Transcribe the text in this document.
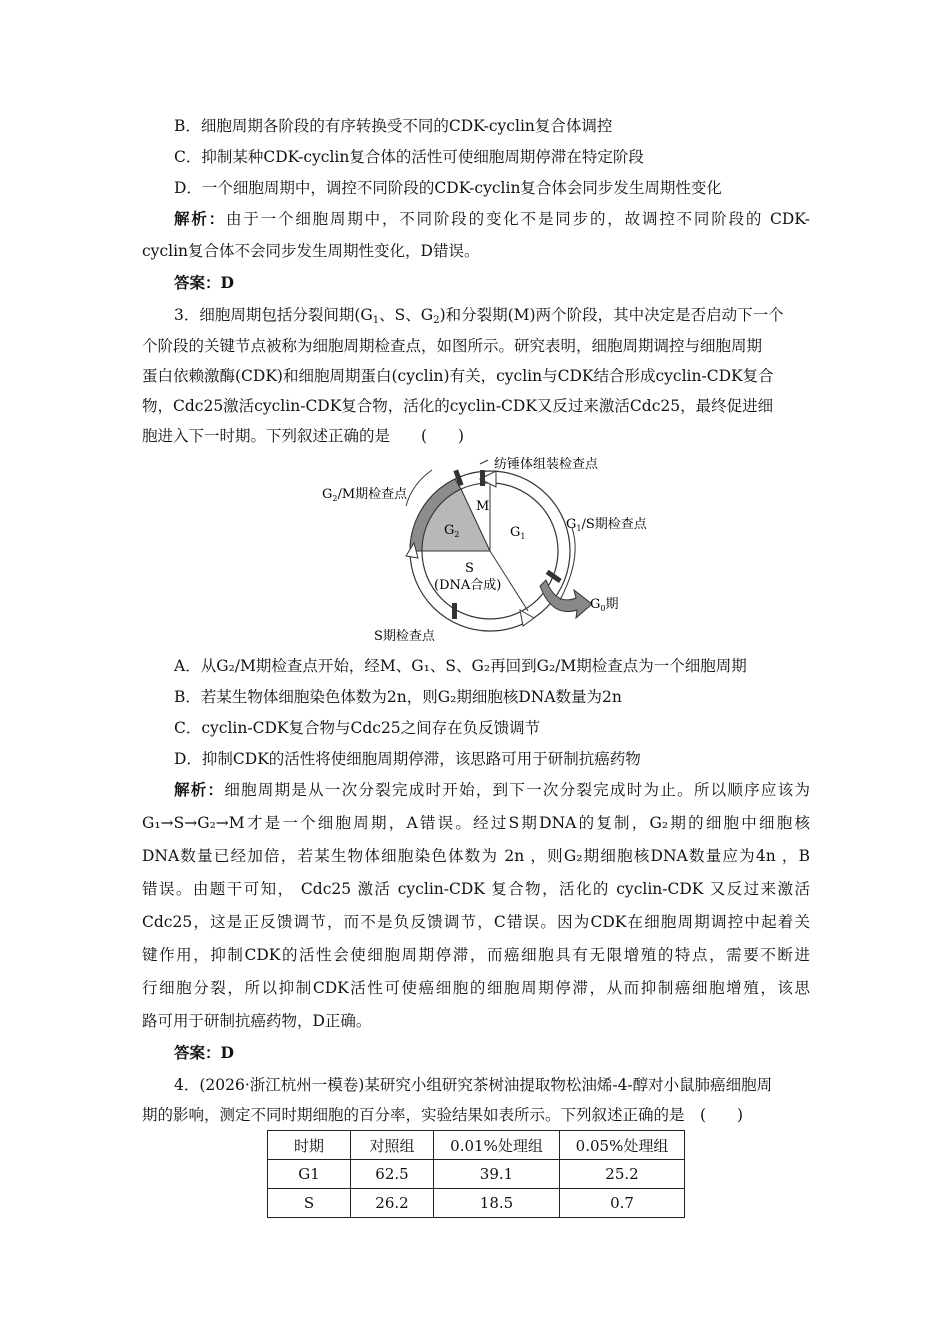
B．细胞周期各阶段的有序转换受不同的CDK-cyclin复合体调控
C．抑制某种CDK-cyclin复合体的活性可使细胞周期停滞在特定阶段
D．一个细胞周期中，调控不同阶段的CDK-cyclin复合体会同步发生周期性变化
解析：由于一个细胞周期中，不同阶段的变化不是同步的，故调控不同阶段的 CDK-
cyclin复合体不会同步发生周期性变化，D错误。
答案：D
3．细胞周期包括分裂间期($G_1$、S、$G_2$)和分裂期(M)两个阶段，其中决定是否启动下一个
个阶段的关键节点被称为细胞周期检查点，如图所示。研究表明，细胞周期调控与细胞周期
蛋白依赖激酶(CDK)和细胞周期蛋白(cyclin)有关，cyclin与CDK结合形成cyclin-CDK复合
物，Cdc25激活cyclin-CDK复合物，活化的cyclin-CDK又反过来激活Cdc25，最终促进细
胞进入下一时期。下列叙述正确的是　　(　　)
纺锤体组装检查点
$G_2/M$期检查点
$G_1/S$期检查点
M
$G_1$
$G_2$
S
(DNA合成)
$G_0$期
S期检查点
A．从G₂/M期检查点开始，经M、G₁、S、G₂再回到G₂/M期检查点为一个细胞周期
B．若某生物体细胞染色体数为2n，则G₂期细胞核DNA数量为2n
C．cyclin-CDK复合物与Cdc25之间存在负反馈调节
D．抑制CDK的活性将使细胞周期停滞，该思路可用于研制抗癌药物
解析：细胞周期是从一次分裂完成时开始，到下一次分裂完成时为止。所以顺序应该为
G₁→S→G₂→M才是一个细胞周期，A错误。经过S期DNA的复制，G₂期的细胞中细胞核
DNA数量已经加倍，若某生物体细胞染色体数为 2n ，则G₂期细胞核DNA数量应为4n ，B
错误。由题干可知， Cdc25 激活 cyclin-CDK 复合物，活化的 cyclin-CDK 又反过来激活
Cdc25，这是正反馈调节，而不是负反馈调节，C错误。因为CDK在细胞周期调控中起着关
键作用，抑制CDK的活性会使细胞周期停滞，而癌细胞具有无限增殖的特点，需要不断进
行细胞分裂，所以抑制CDK活性可使癌细胞的细胞周期停滞，从而抑制癌细胞增殖，该思
路可用于研制抗癌药物，D正确。
答案：D
4．(2026·浙江杭州一模卷)某研究小组研究茶树油提取物松油烯-4-醇对小鼠肺癌细胞周
期的影响，测定不同时期细胞的百分率，实验结果如表所示。下列叙述正确的是　(　　)
时期	对照组	0.01%处理组	0.05%处理组
G1	62.5	39.1	25.2
S	26.2	18.5	0.7
